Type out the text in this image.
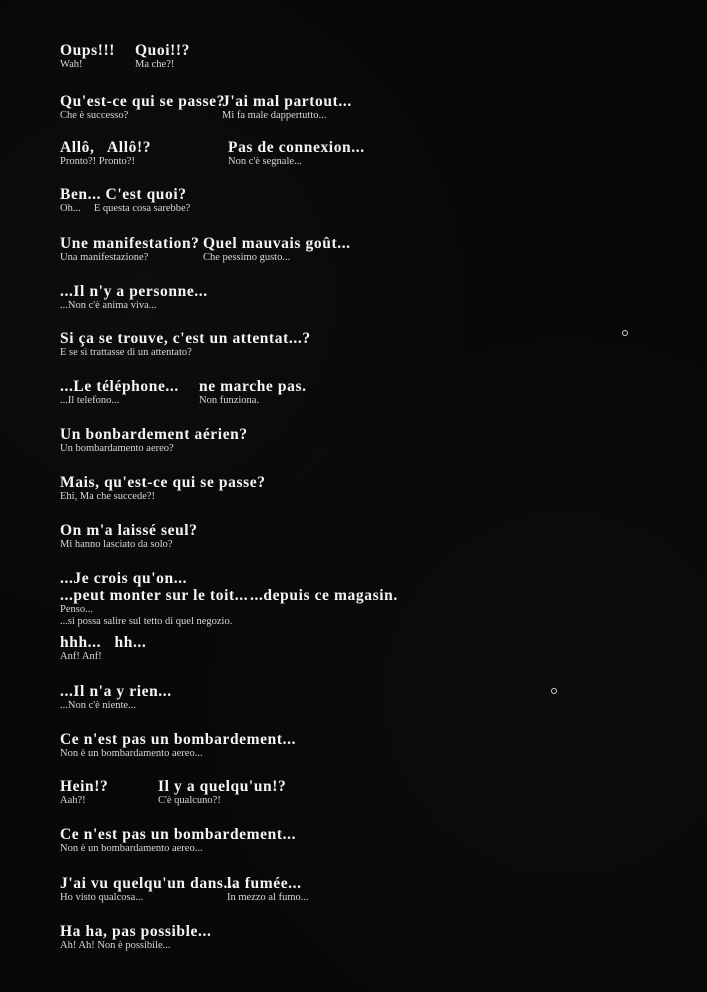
Oups!!!
Wah!
Quoi!!?
Ma che?!
Qu'est-ce qui se passe?
Che è successo?
J'ai mal partout...
Mi fa male dappertutto...
Allô,   Allô!?
Pronto?! Pronto?!
Pas de connexion...
Non c'è segnale...
Ben... C'est quoi?
Oh...     E questa cosa sarebbe?
Une manifestation?
Una manifestazione?
Quel mauvais goût...
Che pessimo gusto...
...Il n'y a personne...
...Non c'è anima viva...
Si ça se trouve, c'est un attentat...?
E se si trattasse di un attentato?
...Le téléphone...
...Il telefono...
ne marche pas.
Non funziona.
Un bonbardement aérien?
Un bombardamento aereo?
Mais, qu'est-ce qui se passe?
Ehi, Ma che succede?!
On m'a laissé seul?
Mi hanno lasciato da solo?
...Je crois qu'on...
...peut monter sur le toit...
Penso...
...si possa salire sul tetto di quel negozio.
...depuis ce magasin.
hhh...   hh...
Anf! Anf!
...Il n'a y rien...
...Non c'è niente...
Ce n'est pas un bombardement...
Non è un bombardamento aereo...
Hein!?
Aah?!
Il y a quelqu'un!?
C'è qualcuno?!
Ce n'est pas un bombardement...
Non è un bombardamento aereo...
J'ai vu quelqu'un dans...
Ho visto qualcosa...
la fumée...
In mezzo al fumo...
Ha ha, pas possible...
Ah! Ah! Non è possibile...
